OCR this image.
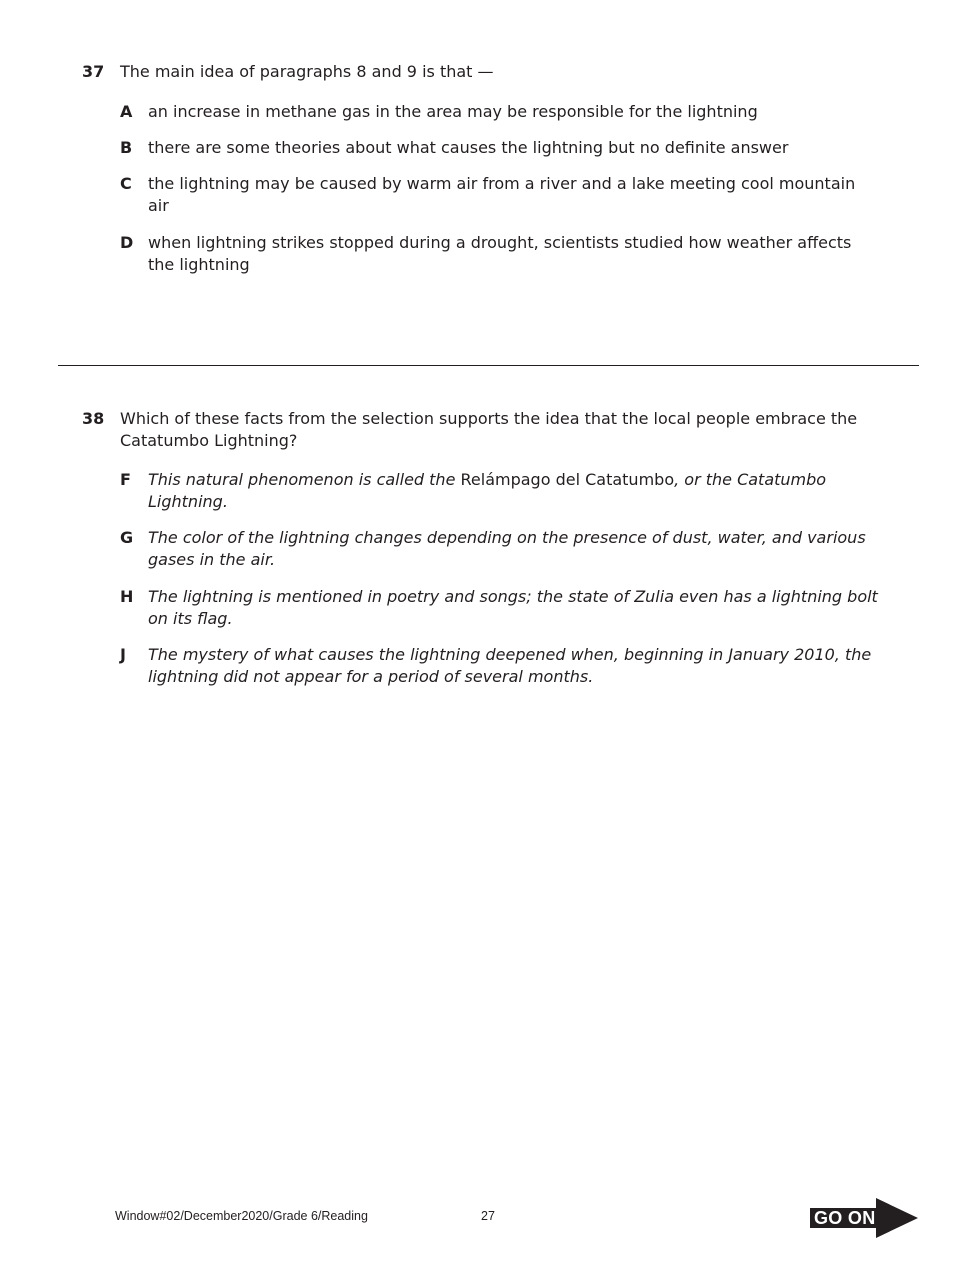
37 The main idea of paragraphs 8 and 9 is that —
A an increase in methane gas in the area may be responsible for the lightning
B there are some theories about what causes the lightning but no definite answer
C the lightning may be caused by warm air from a river and a lake meeting cool mountain air
D when lightning strikes stopped during a drought, scientists studied how weather affects the lightning
38 Which of these facts from the selection supports the idea that the local people embrace the Catatumbo Lightning?
F This natural phenomenon is called the Relámpago del Catatumbo, or the Catatumbo Lightning.
G The color of the lightning changes depending on the presence of dust, water, and various gases in the air.
H The lightning is mentioned in poetry and songs; the state of Zulia even has a lightning bolt on its flag.
J The mystery of what causes the lightning deepened when, beginning in January 2010, the lightning did not appear for a period of several months.
Window#02/December2020/Grade 6/Reading	27	GO ON
